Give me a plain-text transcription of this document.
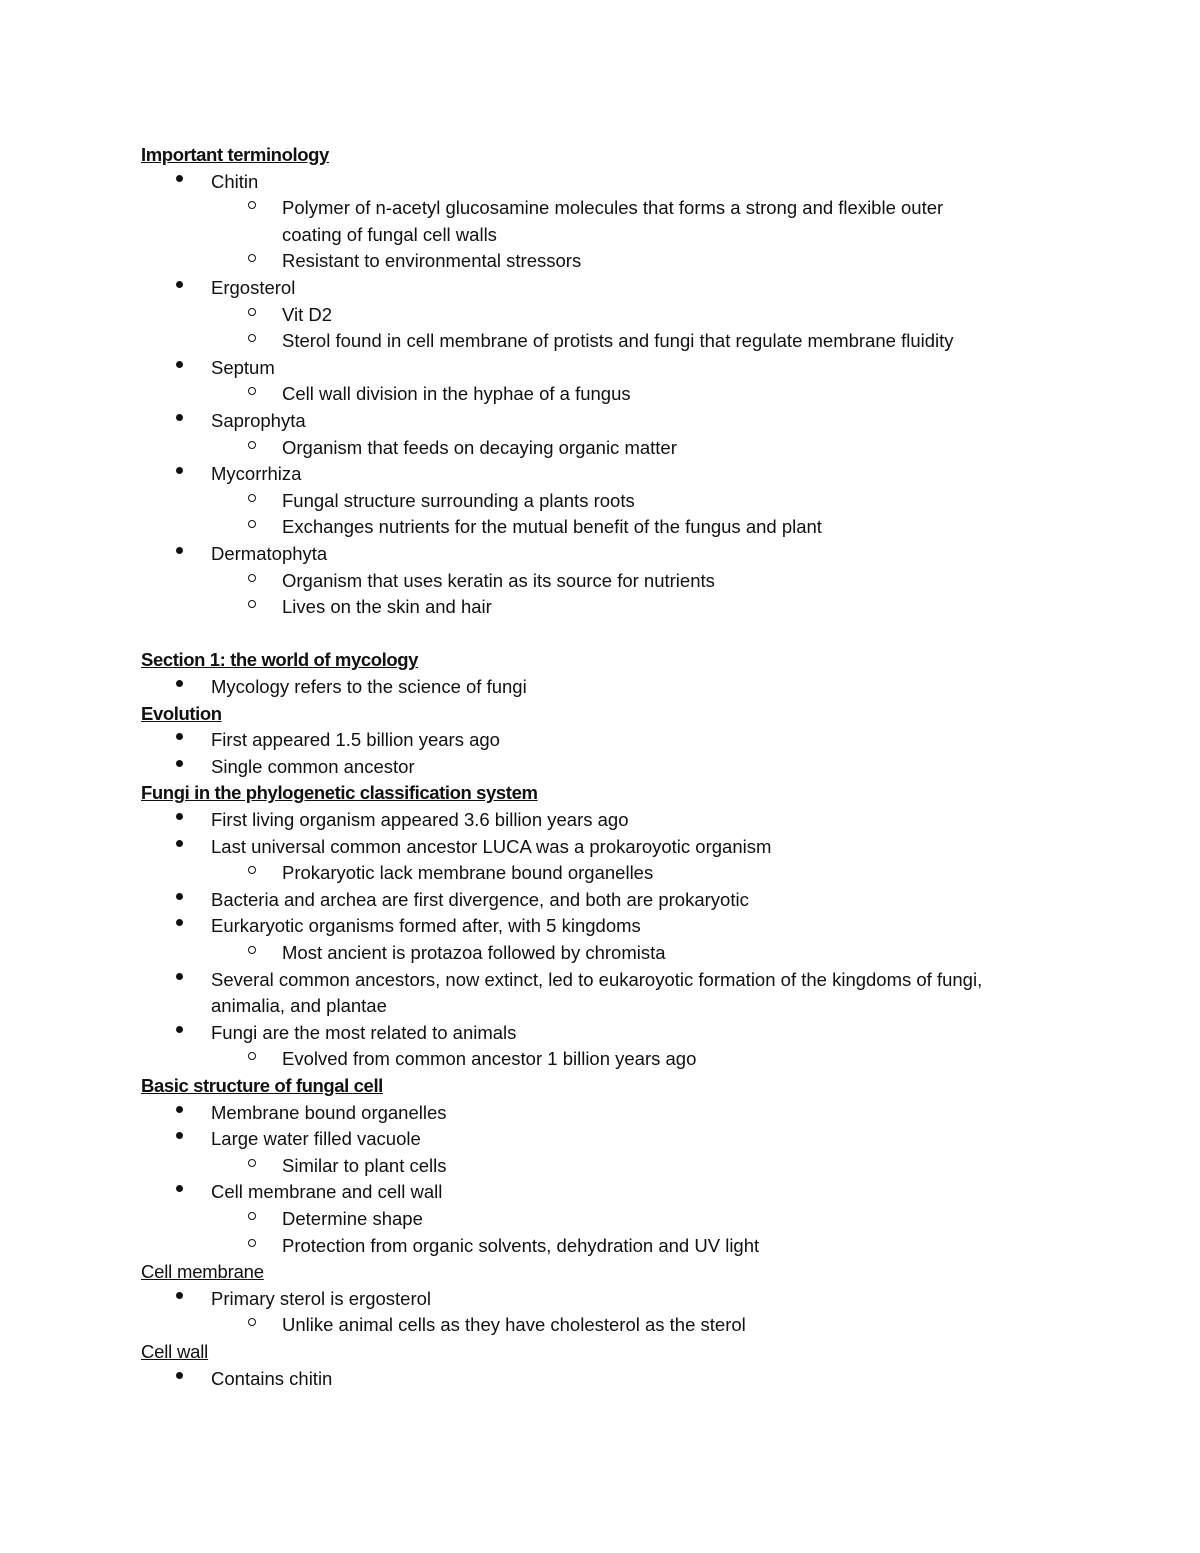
Important terminology
Chitin
Polymer of n-acetyl glucosamine molecules that forms a strong and flexible outer
coating of fungal cell walls
Resistant to environmental stressors
Ergosterol
Vit D2
Sterol found in cell membrane of protists and fungi that regulate membrane fluidity
Septum
Cell wall division in the hyphae of a fungus
Saprophyta
Organism that feeds on decaying organic matter
Mycorrhiza
Fungal structure surrounding a plants roots
Exchanges nutrients for the mutual benefit of the fungus and plant
Dermatophyta
Organism that uses keratin as its source for nutrients
Lives on the skin and hair
Section 1: the world of mycology
Mycology refers to the science of fungi
Evolution
First appeared 1.5 billion years ago
Single common ancestor
Fungi in the phylogenetic classification system
First living organism appeared 3.6 billion years ago
Last universal common ancestor LUCA was a prokaroyotic organism
Prokaryotic lack membrane bound organelles
Bacteria and archea are first divergence, and both are prokaryotic
Eurkaryotic organisms formed after, with 5 kingdoms
Most ancient is protazoa followed by chromista
Several common ancestors, now extinct, led to eukaroyotic formation of the kingdoms of fungi,
animalia, and plantae
Fungi are the most related to animals
Evolved from common ancestor 1 billion years ago
Basic structure of fungal cell
Membrane bound organelles
Large water filled vacuole
Similar to plant cells
Cell membrane and cell wall
Determine shape
Protection from organic solvents, dehydration and UV light
Cell membrane
Primary sterol is ergosterol
Unlike animal cells as they have cholesterol as the sterol
Cell wall
Contains chitin
